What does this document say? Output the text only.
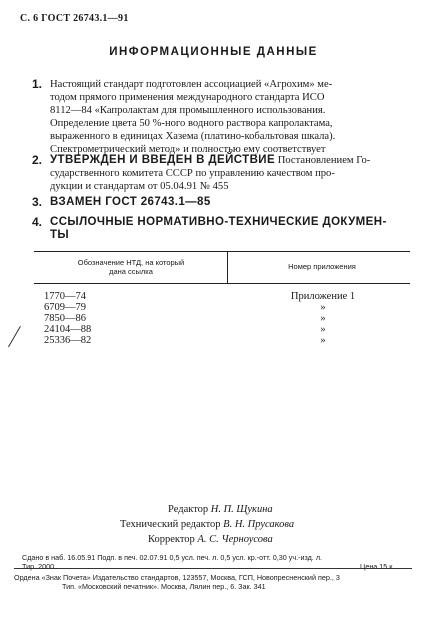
С. 6 ГОСТ 26743.1—91
ИНФОРМАЦИОННЫЕ ДАННЫЕ
1. Настоящий стандарт подготовлен ассоциацией «Агрохим» ме-
тодом прямого применения международного стандарта ИСО
8112—84 «Капролактам для промышленного использования.
Определение цвета 50 %-ного водного раствора капролактама,
выраженного в единицах Хазема (платино-кобальтовая шкала).
Спектрометрический метод» и полностью ему соответствует
2. УТВЕРЖДЕН И ВВЕДЕН В ДЕЙСТВИЕ Постановлением Го-
сударственного комитета СССР по управлению качеством про-
дукции и стандартам от 05.04.91 № 455
3. ВЗАМЕН ГОСТ 26743.1—85
4. ССЫЛОЧНЫЕ НОРМАТИВНО-ТЕХНИЧЕСКИЕ ДОКУМЕН-
ТЫ
Обозначение НТД, на который
дана ссылка
Номер приложения
1770—74	Приложение 1
6709—79	»
7850—86	»
24104—88	»
25336—82	»
Редактор Н. П. Щукина
Технический редактор В. Н. Прусакова
Корректор А. С. Черноусова
Сдано в наб. 16.05.91 Подп. в печ. 02.07.91 0,5 усл. печ. л. 0,5 усл. кр.-отт. 0,30 уч.-изд. л.
Тир. 2000	Цена 15 к.
Ордена «Знак Почета» Издательство стандартов, 123557, Москва, ГСП, Новопресненский пер., 3
Тип. «Московский печатник». Москва, Лялин пер., 6. Зак. 341
